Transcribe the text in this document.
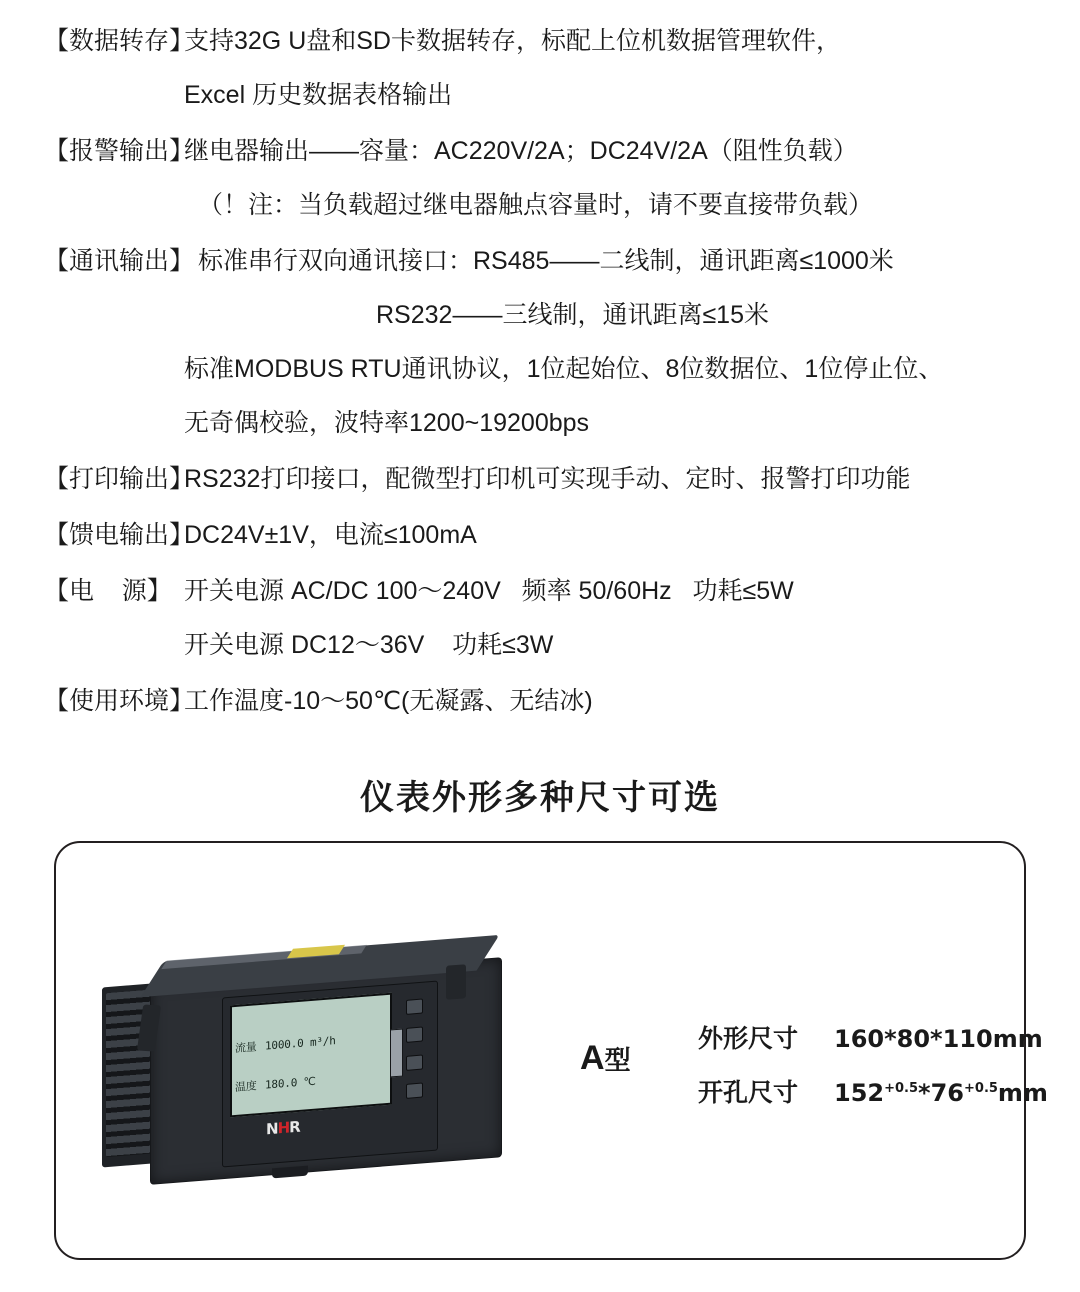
【数据转存】
支持32G U盘和SD卡数据转存，标配上位机数据管理软件，
Excel 历史数据表格输出
【报警输出】
继电器输出——容量：AC220V/2A；DC24V/2A（阻性负载）
（！注：当负载超过继电器触点容量时，请不要直接带负载）
【通讯输出】 标准串行双向通讯接口：RS485——二线制，通讯距离≤1000米
RS232——三线制，通讯距离≤15米
标准MODBUS RTU通讯协议，1位起始位、8位数据位、1位停止位、
无奇偶校验，波特率1200~19200bps
【打印输出】
RS232打印接口，配微型打印机可实现手动、定时、报警打印功能
【馈电输出】
DC24V±1V，电流≤100mA
【电    源】 开关电源 AC/DC 100～240V   频率 50/60Hz   功耗≤5W
开关电源 DC12～36V    功耗≤3W
【使用环境】
工作温度-10～50℃(无凝露、无结冰)
仪表外形多种尺寸可选

流量 1000.0 m³/h

温度 180.0 ℃

NHR
A型
外形尺寸	160*80*110mm
开孔尺寸	$152^{+0.5}*76^{+0.5}mm$
